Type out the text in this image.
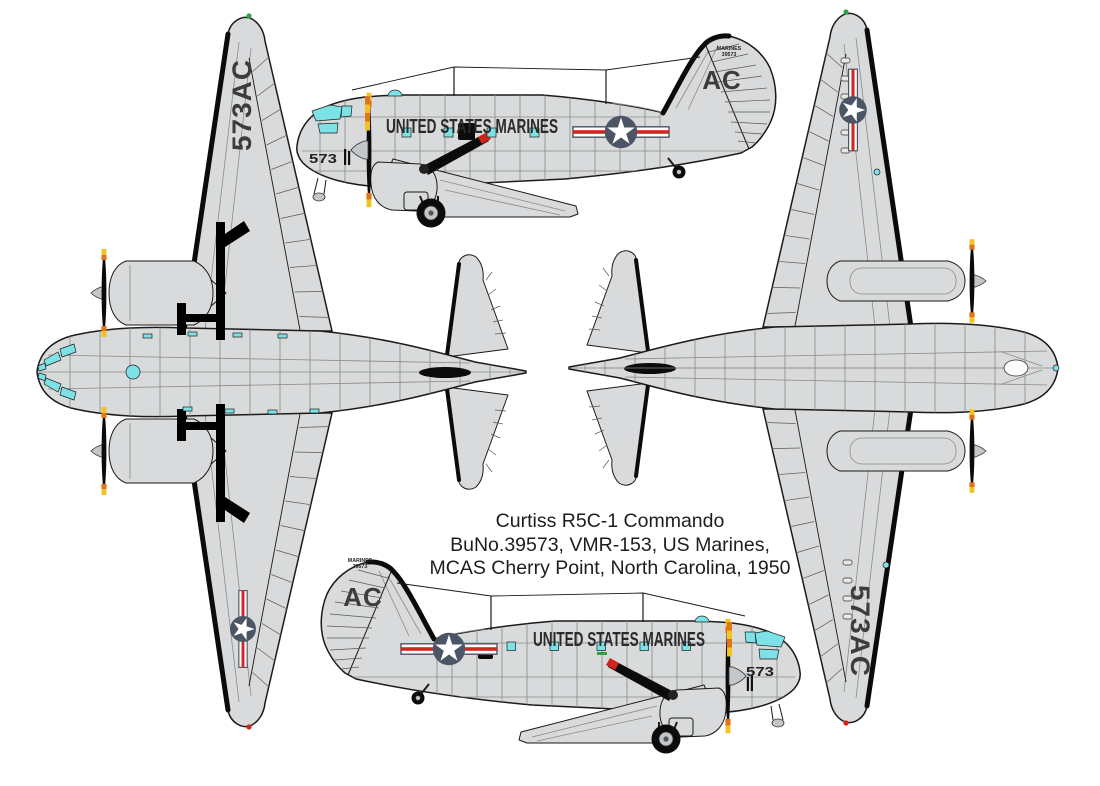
UNITED STATES MARINES
573
AC
MARINES
39573
UNITED STATES MARINES
573
AC
MARINES
39573
573AC
573AC
Curtiss R5C-1 Commando
BuNo.39573, VMR-153, US Marines,
MCAS Cherry Point, North Carolina, 1950
